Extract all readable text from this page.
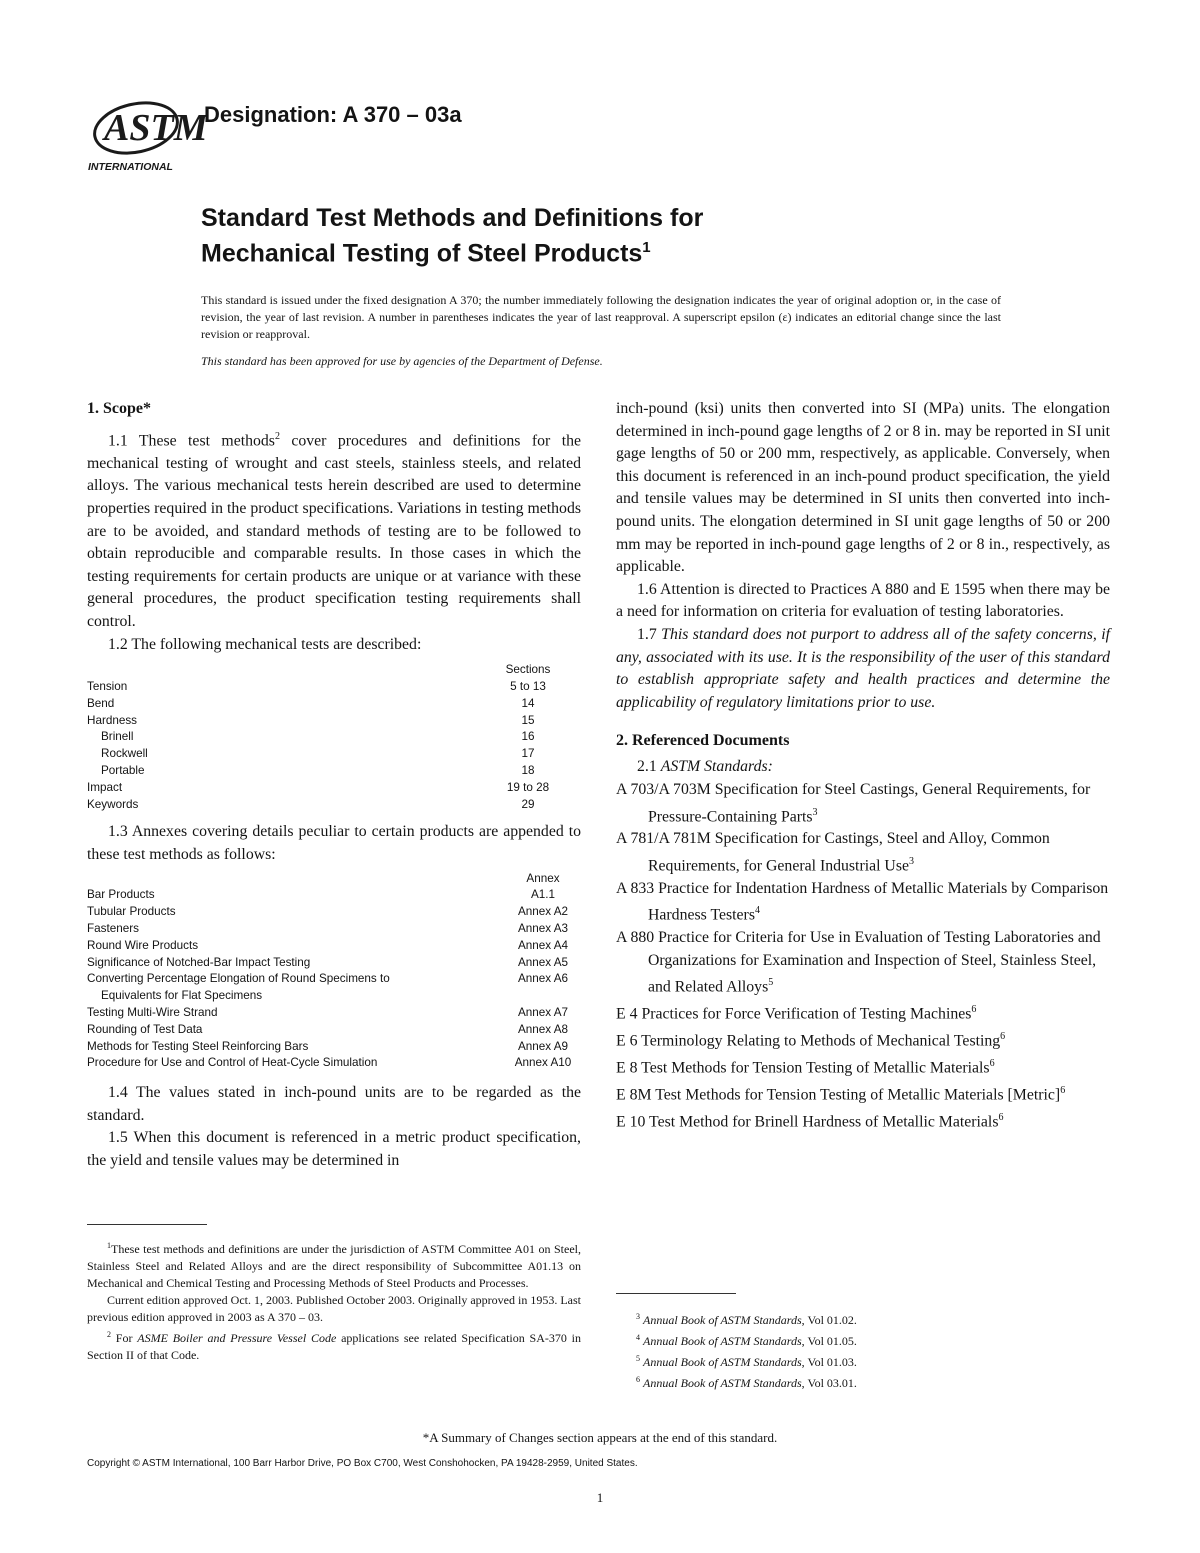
ASTM
INTERNATIONAL
Designation: A 370 – 03a
Standard Test Methods and Definitions for
Mechanical Testing of Steel Products$^1$
This standard is issued under the fixed designation A 370; the number immediately following the designation indicates the year of original adoption or, in the case of revision, the year of last revision. A number in parentheses indicates the year of last reapproval. A superscript epsilon (ε) indicates an editorial change since the last revision or reapproval.
This standard has been approved for use by agencies of the Department of Defense.
1. Scope*

1.1 These test methods$^2$ cover procedures and definitions for the mechanical testing of wrought and cast steels, stainless steels, and related alloys. The various mechanical tests herein described are used to determine properties required in the product specifications. Variations in testing methods are to be avoided, and standard methods of testing are to be followed to obtain reproducible and comparable results. In those cases in which the testing requirements for certain products are unique or at variance with these general procedures, the product specification testing requirements shall control.

1.2 The following mechanical tests are described:

Sections
Tension	5 to 13
Bend	14
Hardness	15
Brinell	16
Rockwell	17
Portable	18
Impact	19 to 28
Keywords	29

1.3 Annexes covering details peculiar to certain products are appended to these test methods as follows:

Annex
Bar Products	A1.1
Tubular Products	Annex A2
Fasteners	Annex A3
Round Wire Products	Annex A4
Significance of Notched-Bar Impact Testing	Annex A5
Converting Percentage Elongation of Round Specimens to	Annex A6
Equivalents for Flat Specimens
Testing Multi-Wire Strand	Annex A7
Rounding of Test Data	Annex A8
Methods for Testing Steel Reinforcing Bars	Annex A9
Procedure for Use and Control of Heat-Cycle Simulation	Annex A10

1.4 The values stated in inch-pound units are to be regarded as the standard.

1.5 When this document is referenced in a metric product specification, the yield and tensile values may be determined in

$^1$These test methods and definitions are under the jurisdiction of ASTM Committee A01 on Steel, Stainless Steel and Related Alloys and are the direct responsibility of Subcommittee A01.13 on Mechanical and Chemical Testing and Processing Methods of Steel Products and Processes.

Current edition approved Oct. 1, 2003. Published October 2003. Originally approved in 1953. Last previous edition approved in 2003 as A 370 – 03.

$^2$ For ASME Boiler and Pressure Vessel Code applications see related Specification SA-370 in Section II of that Code.

inch-pound (ksi) units then converted into SI (MPa) units. The elongation determined in inch-pound gage lengths of 2 or 8 in. may be reported in SI unit gage lengths of 50 or 200 mm, respectively, as applicable. Conversely, when this document is referenced in an inch-pound product specification, the yield and tensile values may be determined in SI units then converted into inch-pound units. The elongation determined in SI unit gage lengths of 50 or 200 mm may be reported in inch-pound gage lengths of 2 or 8 in., respectively, as applicable.

1.6 Attention is directed to Practices A 880 and E 1595 when there may be a need for information on criteria for evaluation of testing laboratories.

1.7 This standard does not purport to address all of the safety concerns, if any, associated with its use. It is the responsibility of the user of this standard to establish appropriate safety and health practices and determine the applicability of regulatory limitations prior to use.

2. Referenced Documents

2.1 ASTM Standards:

A 703/A 703M Specification for Steel Castings, General Requirements, for Pressure-Containing Parts$^3$

A 781/A 781M Specification for Castings, Steel and Alloy, Common Requirements, for General Industrial Use$^3$

A 833 Practice for Indentation Hardness of Metallic Materials by Comparison Hardness Testers$^4$

A 880 Practice for Criteria for Use in Evaluation of Testing Laboratories and Organizations for Examination and Inspection of Steel, Stainless Steel, and Related Alloys$^5$

E 4 Practices for Force Verification of Testing Machines$^6$

E 6 Terminology Relating to Methods of Mechanical Testing$^6$

E 8 Test Methods for Tension Testing of Metallic Materials$^6$

E 8M Test Methods for Tension Testing of Metallic Materials [Metric]$^6$

E 10 Test Method for Brinell Hardness of Metallic Materials$^6$

$^3$ Annual Book of ASTM Standards, Vol 01.02.

$^4$ Annual Book of ASTM Standards, Vol 01.05.

$^5$ Annual Book of ASTM Standards, Vol 01.03.

$^6$ Annual Book of ASTM Standards, Vol 03.01.

*A Summary of Changes section appears at the end of this standard.
Copyright © ASTM International, 100 Barr Harbor Drive, PO Box C700, West Conshohocken, PA 19428-2959, United States.
1
